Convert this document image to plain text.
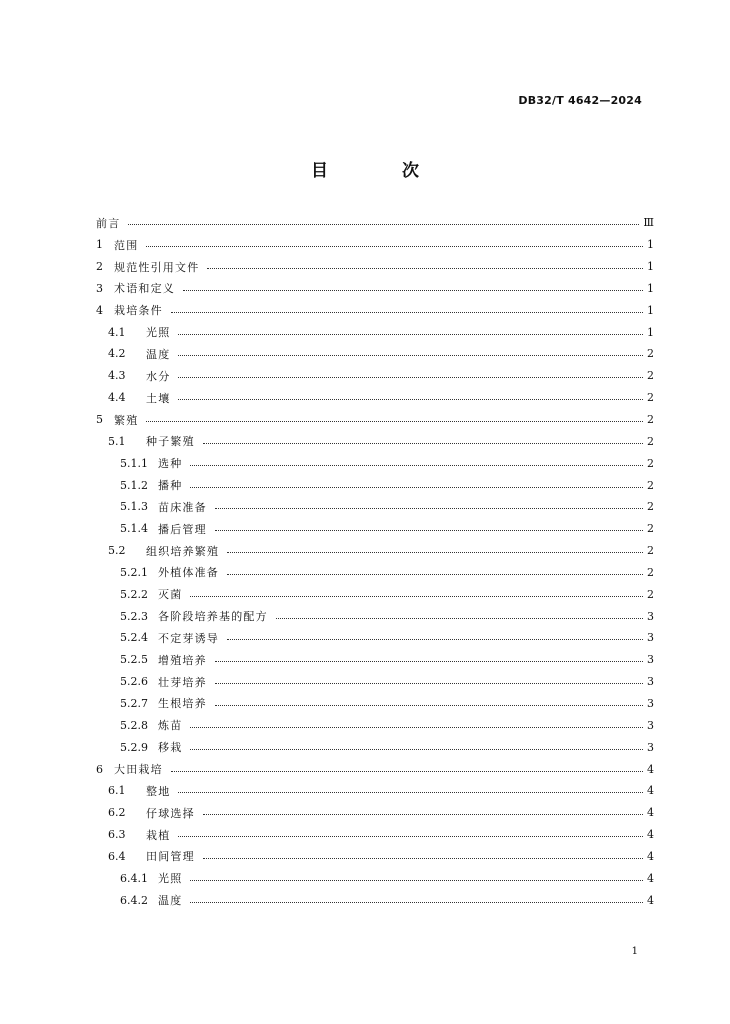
DB32/T 4642—2024
目 次
前言	Ⅲ
1	范围	1
2	规范性引用文件	1
3	术语和定义	1
4	栽培条件	1
4.1	光照	1
4.2	温度	2
4.3	水分	2
4.4	土壤	2
5	繁殖	2
5.1	种子繁殖	2
5.1.1 选种	2
5.1.2 播种	2
5.1.3 苗床准备	2
5.1.4 播后管理	2
5.2	组织培养繁殖	2
5.2.1 外植体准备	2
5.2.2 灭菌	2
5.2.3 各阶段培养基的配方	3
5.2.4 不定芽诱导	3
5.2.5 增殖培养	3
5.2.6 壮芽培养	3
5.2.7 生根培养	3
5.2.8 炼苗	3
5.2.9 移栽	3
6	大田栽培	4
6.1	整地	4
6.2	仔球选择	4
6.3	栽植	4
6.4	田间管理	4
6.4.1 光照	4
6.4.2 温度	4
1
